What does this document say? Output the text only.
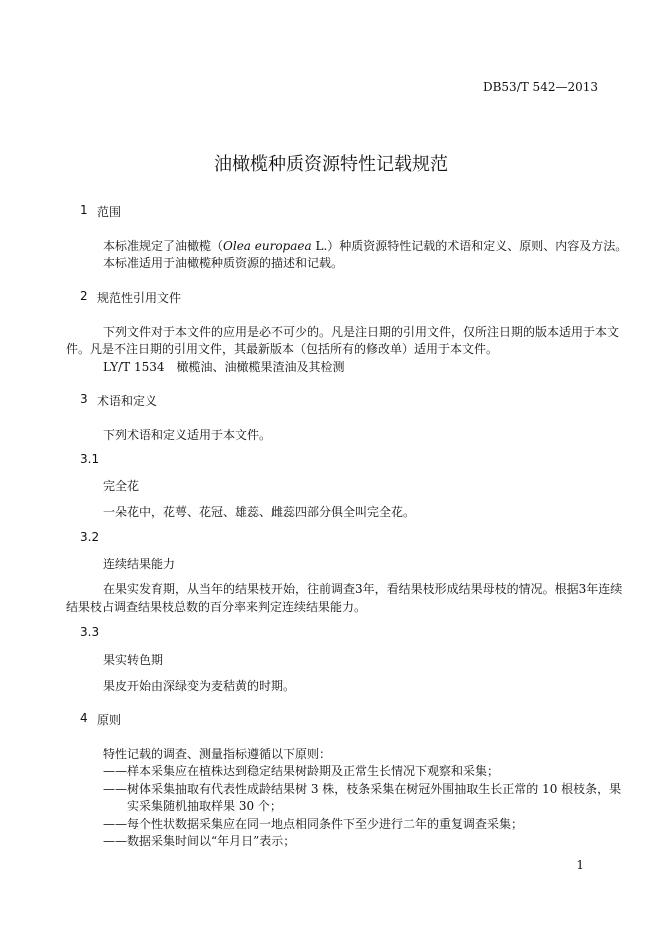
DB53/T 542—2013
油橄榄种质资源特性记载规范
1 范围
本标准规定了油橄榄（Olea europaea L.）种质资源特性记载的术语和定义、原则、内容及方法。
本标准适用于油橄榄种质资源的描述和记载。
2 规范性引用文件
下列文件对于本文件的应用是必不可少的。凡是注日期的引用文件，仅所注日期的版本适用于本文
件。凡是不注日期的引用文件，其最新版本（包括所有的修改单）适用于本文件。
LY/T 1534　橄榄油、油橄榄果渣油及其检测
3 术语和定义
下列术语和定义适用于本文件。
3.1
完全花
一朵花中，花萼、花冠、雄蕊、雌蕊四部分俱全叫完全花。
3.2
连续结果能力
在果实发育期，从当年的结果枝开始，往前调查3年，看结果枝形成结果母枝的情况。根据3年连续
结果枝占调查结果枝总数的百分率来判定连续结果能力。
3.3
果实转色期
果皮开始由深绿变为麦秸黄的时期。
4 原则
特性记载的调查、测量指标遵循以下原则：
——样本采集应在植株达到稳定结果树龄期及正常生长情况下观察和采集；
——树体采集抽取有代表性成龄结果树 3 株，枝条采集在树冠外围抽取生长正常的 10 根枝条，果
实采集随机抽取样果 30 个；
——每个性状数据采集应在同一地点相同条件下至少进行二年的重复调查采集；
——数据采集时间以“年月日”表示；
1
